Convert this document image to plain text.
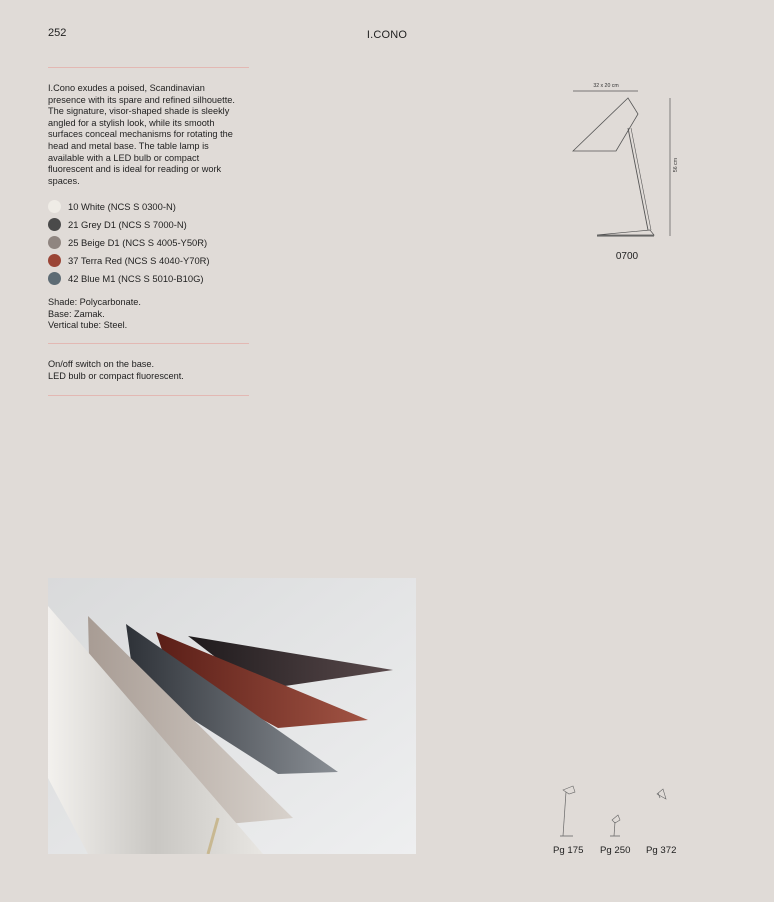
252	I.CONO
I.Cono exudes a poised, Scandinavian presence with its spare and refined silhouette. The signature, visor-shaped shade is sleekly angled for a stylish look, while its smooth surfaces conceal mechanisms for rotating the head and metal base. The table lamp is available with a LED bulb or compact fluorescent and is ideal for reading or work spaces.
10 White (NCS S 0300-N)
21 Grey D1 (NCS S 7000-N)
25 Beige D1 (NCS S 4005-Y50R)
37 Terra Red (NCS S 4040-Y70R)
42 Blue M1 (NCS S 5010-B10G)
Shade: Polycarbonate.
Base: Zamak.
Vertical tube: Steel.
On/off switch on the base.
LED bulb or compact fluorescent.
32 x 20 cm
56 cm
0700
Pg 175 Pg 250 Pg 372
